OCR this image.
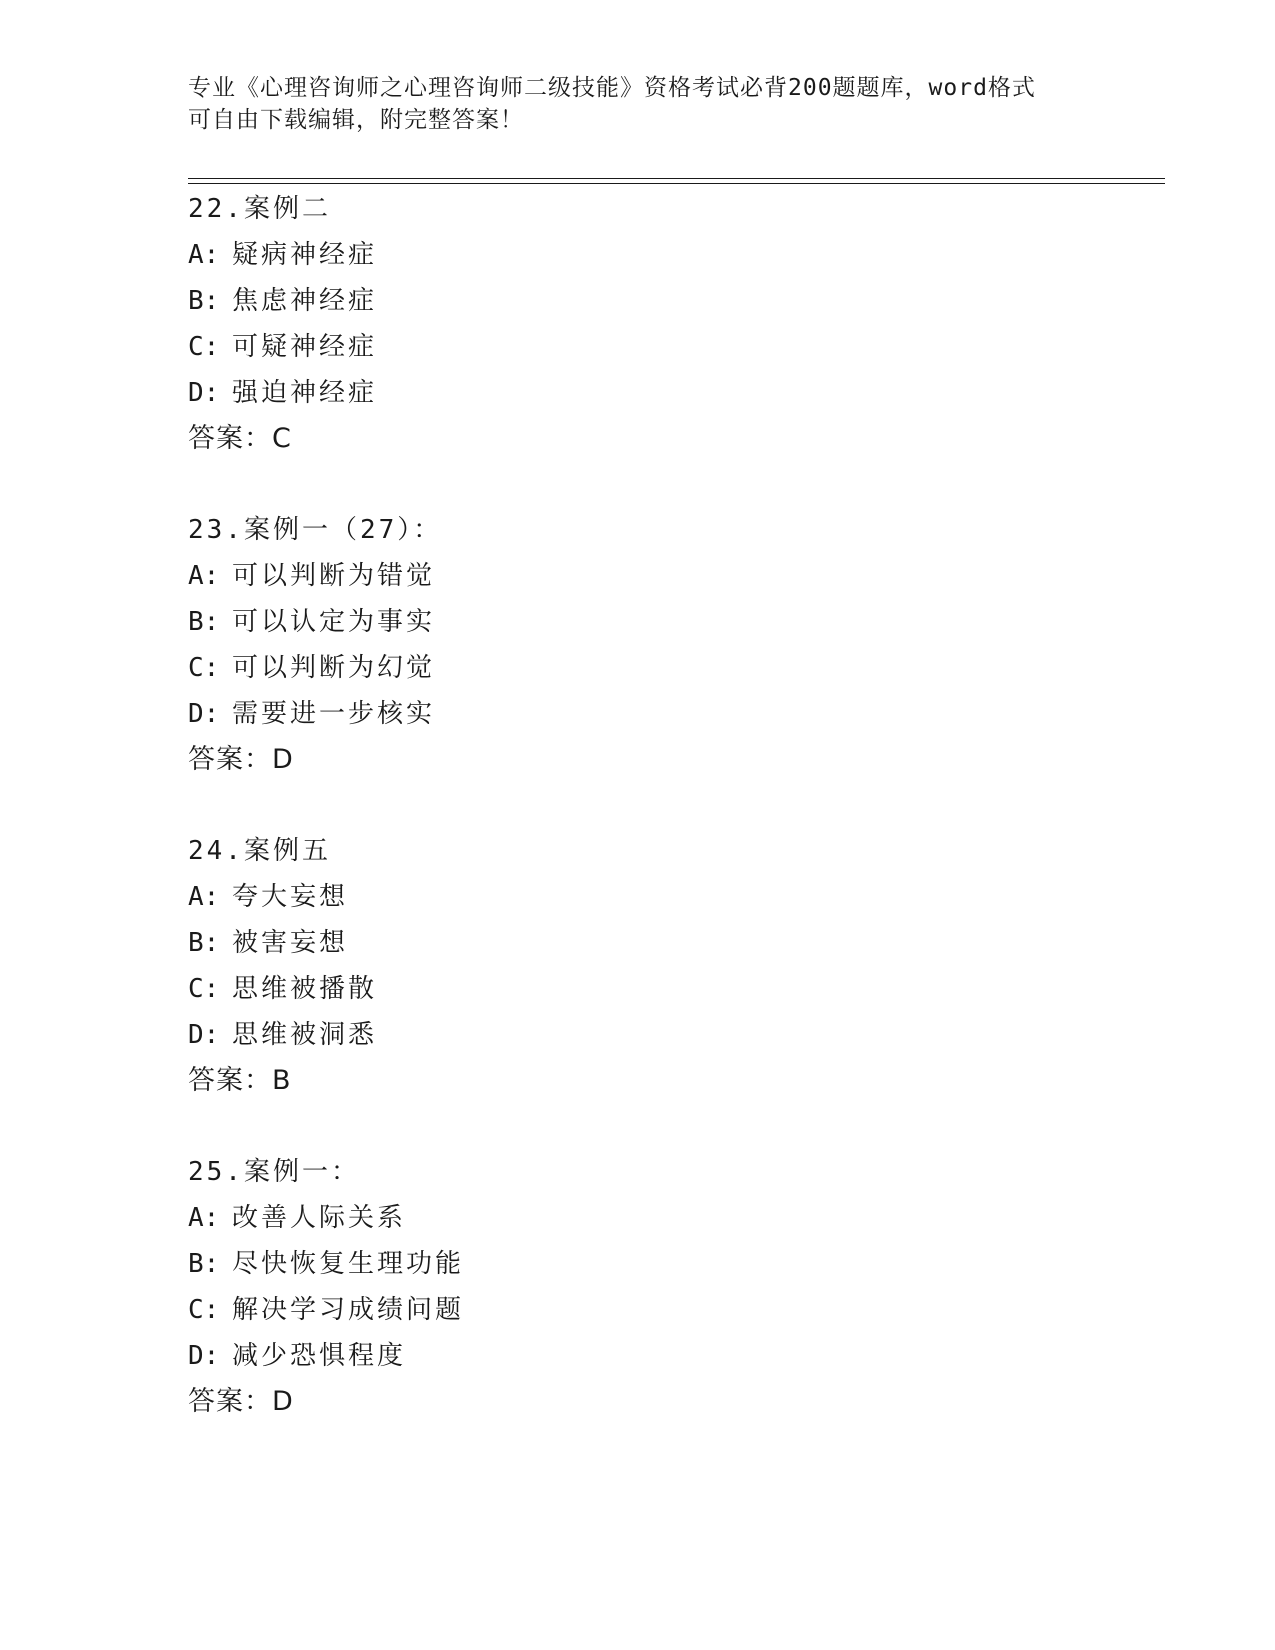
专业《心理咨询师之心理咨询师二级技能》资格考试必背200题题库，word格式
可自由下载编辑，附完整答案！
22.案例二
A: 疑病神经症
B: 焦虑神经症
C: 可疑神经症
D: 强迫神经症
答案：C
23.案例一（27）：
A: 可以判断为错觉
B: 可以认定为事实
C: 可以判断为幻觉
D: 需要进一步核实
答案：D
24.案例五
A: 夸大妄想
B: 被害妄想
C: 思维被播散
D: 思维被洞悉
答案：B
25.案例一：
A: 改善人际关系
B: 尽快恢复生理功能
C: 解决学习成绩问题
D: 减少恐惧程度
答案：D
